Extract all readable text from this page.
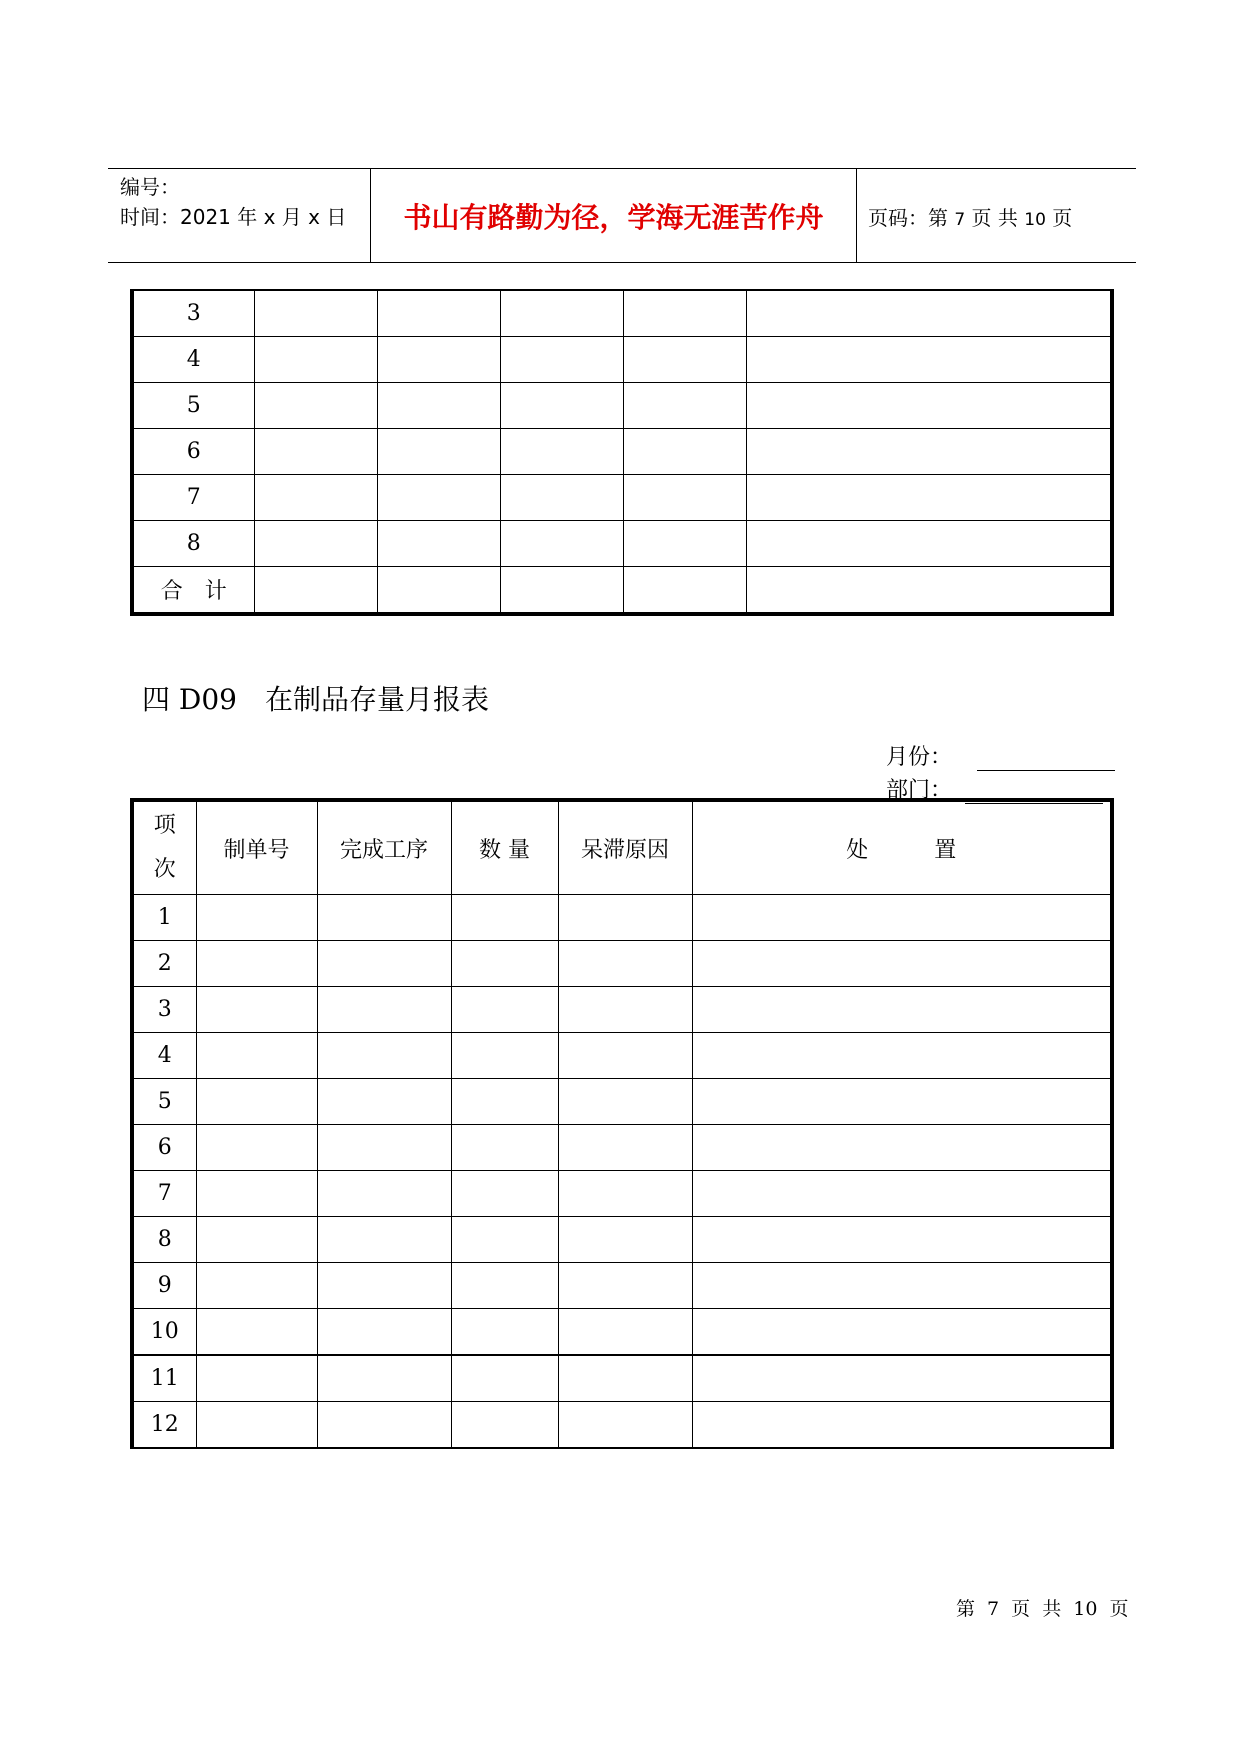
编号：
时间：2021 年 x 月 x 日	书山有路勤为径，学海无涯苦作舟	页码：第 7 页 共 10 页
3					
4					
5					
6					
7					
8					
合　计					
四 D09　在制品存量月报表
月份：
部门：
项
次	制单号	完成工序	数 量	呆滞原因	处　　　置
1					
2					
3					
4					
5					
6					
7					
8					
9					
10					
11					
12					
第 7 页 共 10 页
